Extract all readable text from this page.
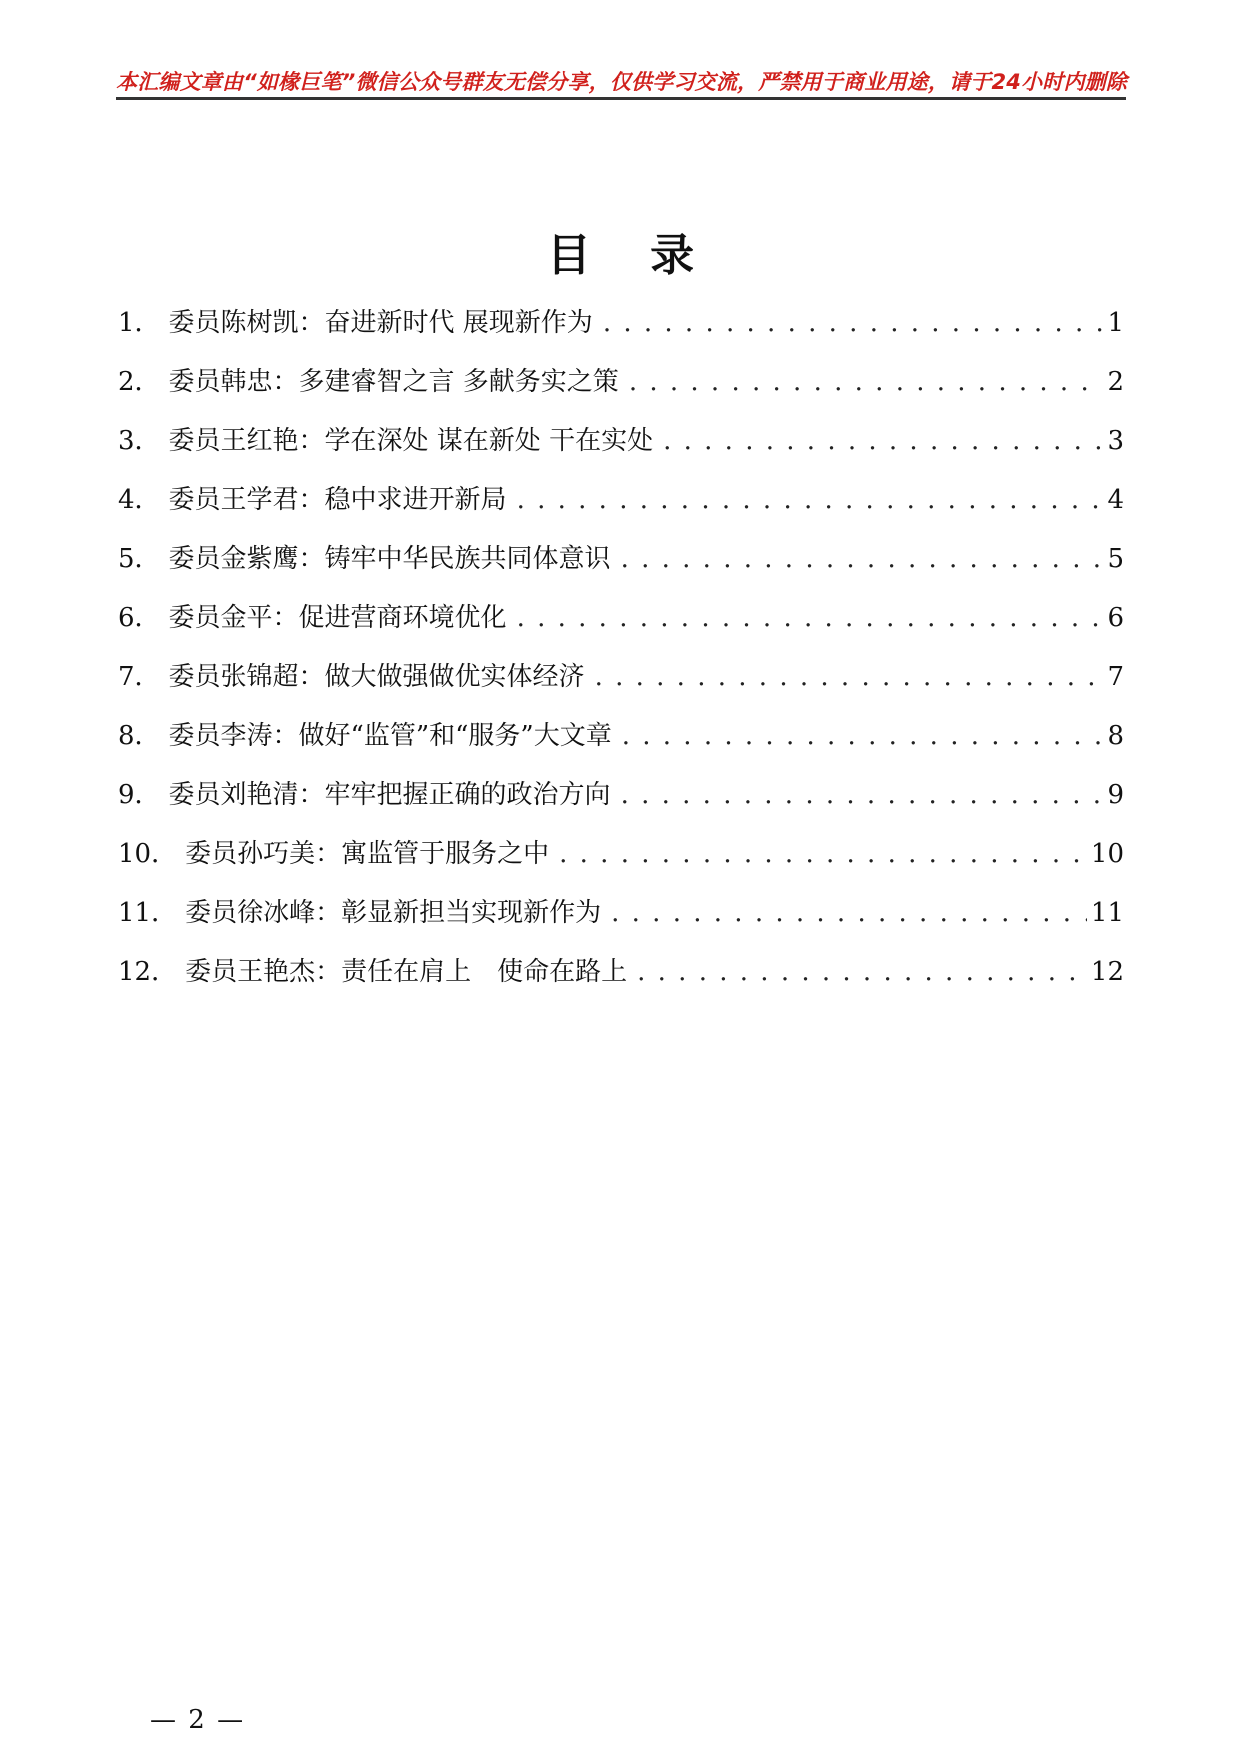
本汇编文章由“如椽巨笔”微信公众号群友无偿分享，仅供学习交流，严禁用于商业用途，请于24小时内删除
目 录
1． 委员陈树凯：奋进新时代 展现新作为 . . .	1
2． 委员韩忠：多建睿智之言 多献务实之策 . . .	2
3． 委员王红艳：学在深处 谋在新处 干在实处 . . .	3
4． 委员王学君：稳中求进开新局 . . .	4
5． 委员金紫鹰：铸牢中华民族共同体意识 . . .	5
6． 委员金平：促进营商环境优化 . . .	6
7． 委员张锦超：做大做强做优实体经济 . . .	7
8． 委员李涛：做好“监管”和“服务”大文章 . . .	8
9． 委员刘艳清：牢牢把握正确的政治方向 . . .	9
10． 委员孙巧美：寓监管于服务之中 . . .	10
11． 委员徐冰峰：彰显新担当实现新作为 . . .	11
12． 委员王艳杰：责任在肩上　使命在路上 . . .	12
— 2 —
